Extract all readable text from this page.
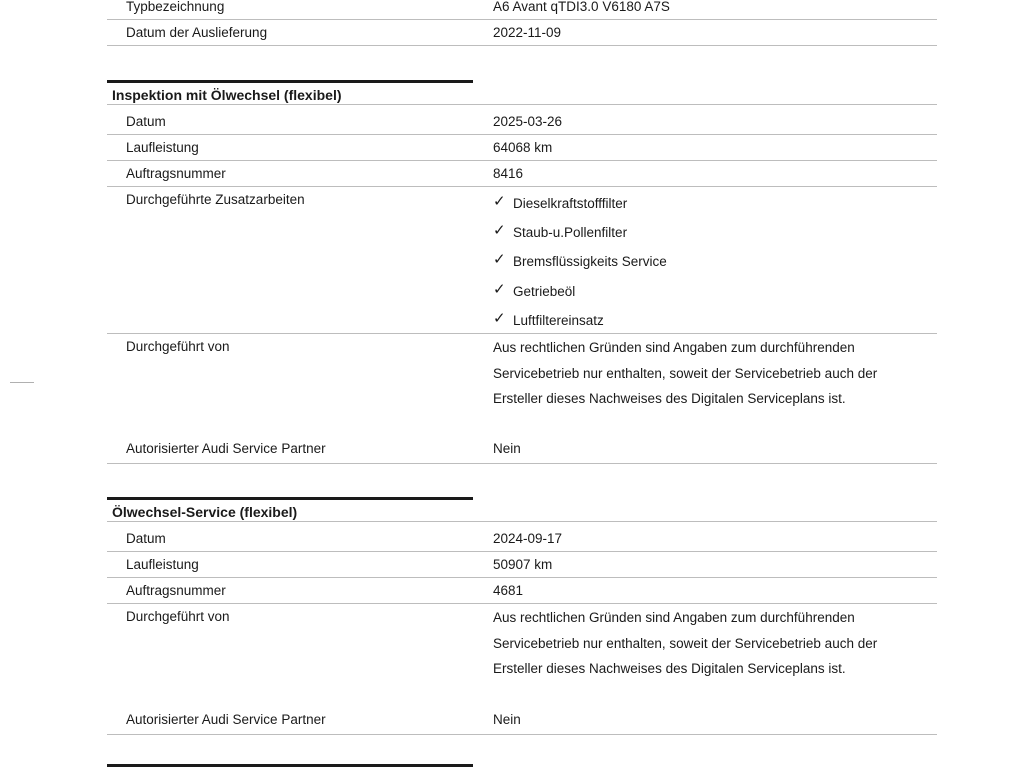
Typbezeichnung	A6 Avant qTDI3.0 V6180 A7S
Datum der Auslieferung	2022-11-09
Inspektion mit Ölwechsel (flexibel)
Datum	2025-03-26
Laufleistung	64068 km
Auftragsnummer	8416
Durchgeführte Zusatzarbeiten	✓ Dieselkraftstofffilter
✓ Staub-u.Pollenfilter
✓ Bremsflüssigkeits Service
✓ Getriebeöl
✓ Luftfiltereinsatz
Durchgeführt von	Aus rechtlichen Gründen sind Angaben zum durchführenden
Servicebetrieb nur enthalten, soweit der Servicebetrieb auch der
Ersteller dieses Nachweises des Digitalen Serviceplans ist.
Autorisierter Audi Service Partner	Nein
Ölwechsel-Service (flexibel)
Datum	2024-09-17
Laufleistung	50907 km
Auftragsnummer	4681
Durchgeführt von	Aus rechtlichen Gründen sind Angaben zum durchführenden
Servicebetrieb nur enthalten, soweit der Servicebetrieb auch der
Ersteller dieses Nachweises des Digitalen Serviceplans ist.
Autorisierter Audi Service Partner	Nein
